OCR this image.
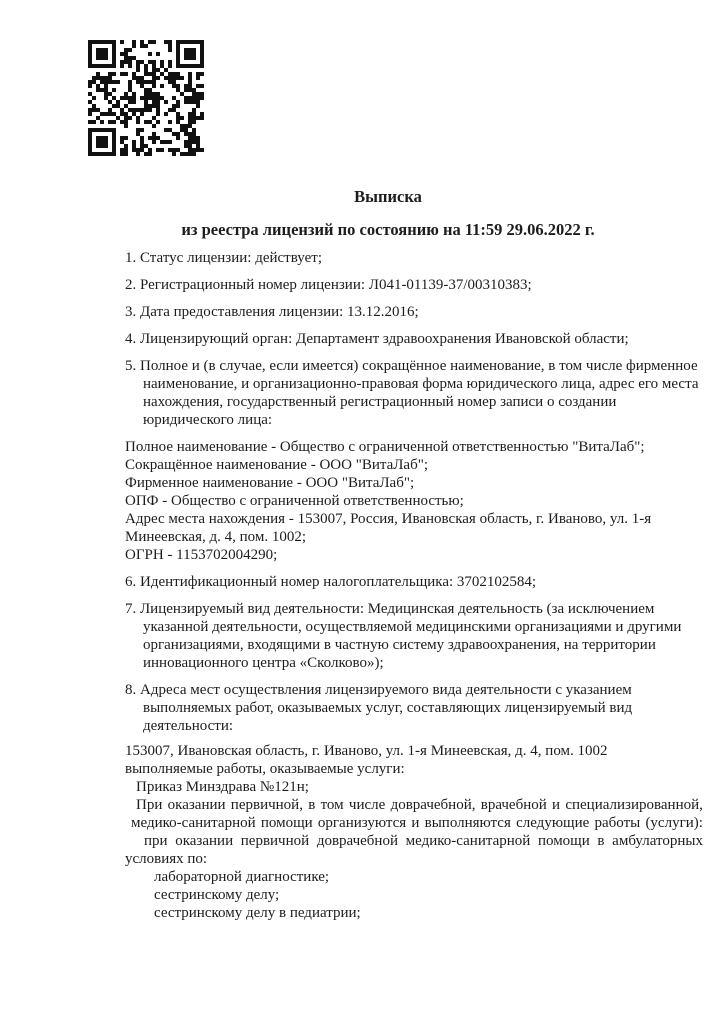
Выписка
из реестра лицензий по состоянию на 11:59 29.06.2022 г.
1. Статус лицензии: действует;
2. Регистрационный номер лицензии: Л041-01139-37/00310383;
3. Дата предоставления лицензии: 13.12.2016;
4. Лицензирующий орган: Департамент здравоохранения Ивановской области;
5. Полное и (в случае, если имеется) сокращённое наименование, в том числе фирменное
наименование, и организационно-правовая форма юридического лица, адрес его места
нахождения, государственный регистрационный номер записи о создании
юридического лица:
Полное наименование - Общество с ограниченной ответственностью "ВитаЛаб";
Сокращённое наименование - ООО "ВитаЛаб";
Фирменное наименование - ООО "ВитаЛаб";
ОПФ - Общество с ограниченной ответственностью;
Адрес места нахождения - 153007, Россия, Ивановская область, г. Иваново, ул. 1-я
Минеевская, д. 4, пом. 1002;
ОГРН - 1153702004290;
6. Идентификационный номер налогоплательщика: 3702102584;
7. Лицензируемый вид деятельности: Медицинская деятельность (за исключением
указанной деятельности, осуществляемой медицинскими организациями и другими
организациями, входящими в частную систему здравоохранения, на территории
инновационного центра «Сколково»);
8. Адреса мест осуществления лицензируемого вида деятельности с указанием
выполняемых работ, оказываемых услуг, составляющих лицензируемый вид
деятельности:
153007, Ивановская область, г. Иваново, ул. 1-я Минеевская, д. 4, пом. 1002
выполняемые работы, оказываемые услуги:
Приказ Минздрава №121н;
При оказании первичной, в том числе доврачебной, врачебной и специализированной,
медико-санитарной помощи организуются и выполняются следующие работы (услуги):
при оказании первичной доврачебной медико-санитарной помощи в амбулаторных
условиях по:
лабораторной диагностике;
сестринскому делу;
сестринскому делу в педиатрии;
